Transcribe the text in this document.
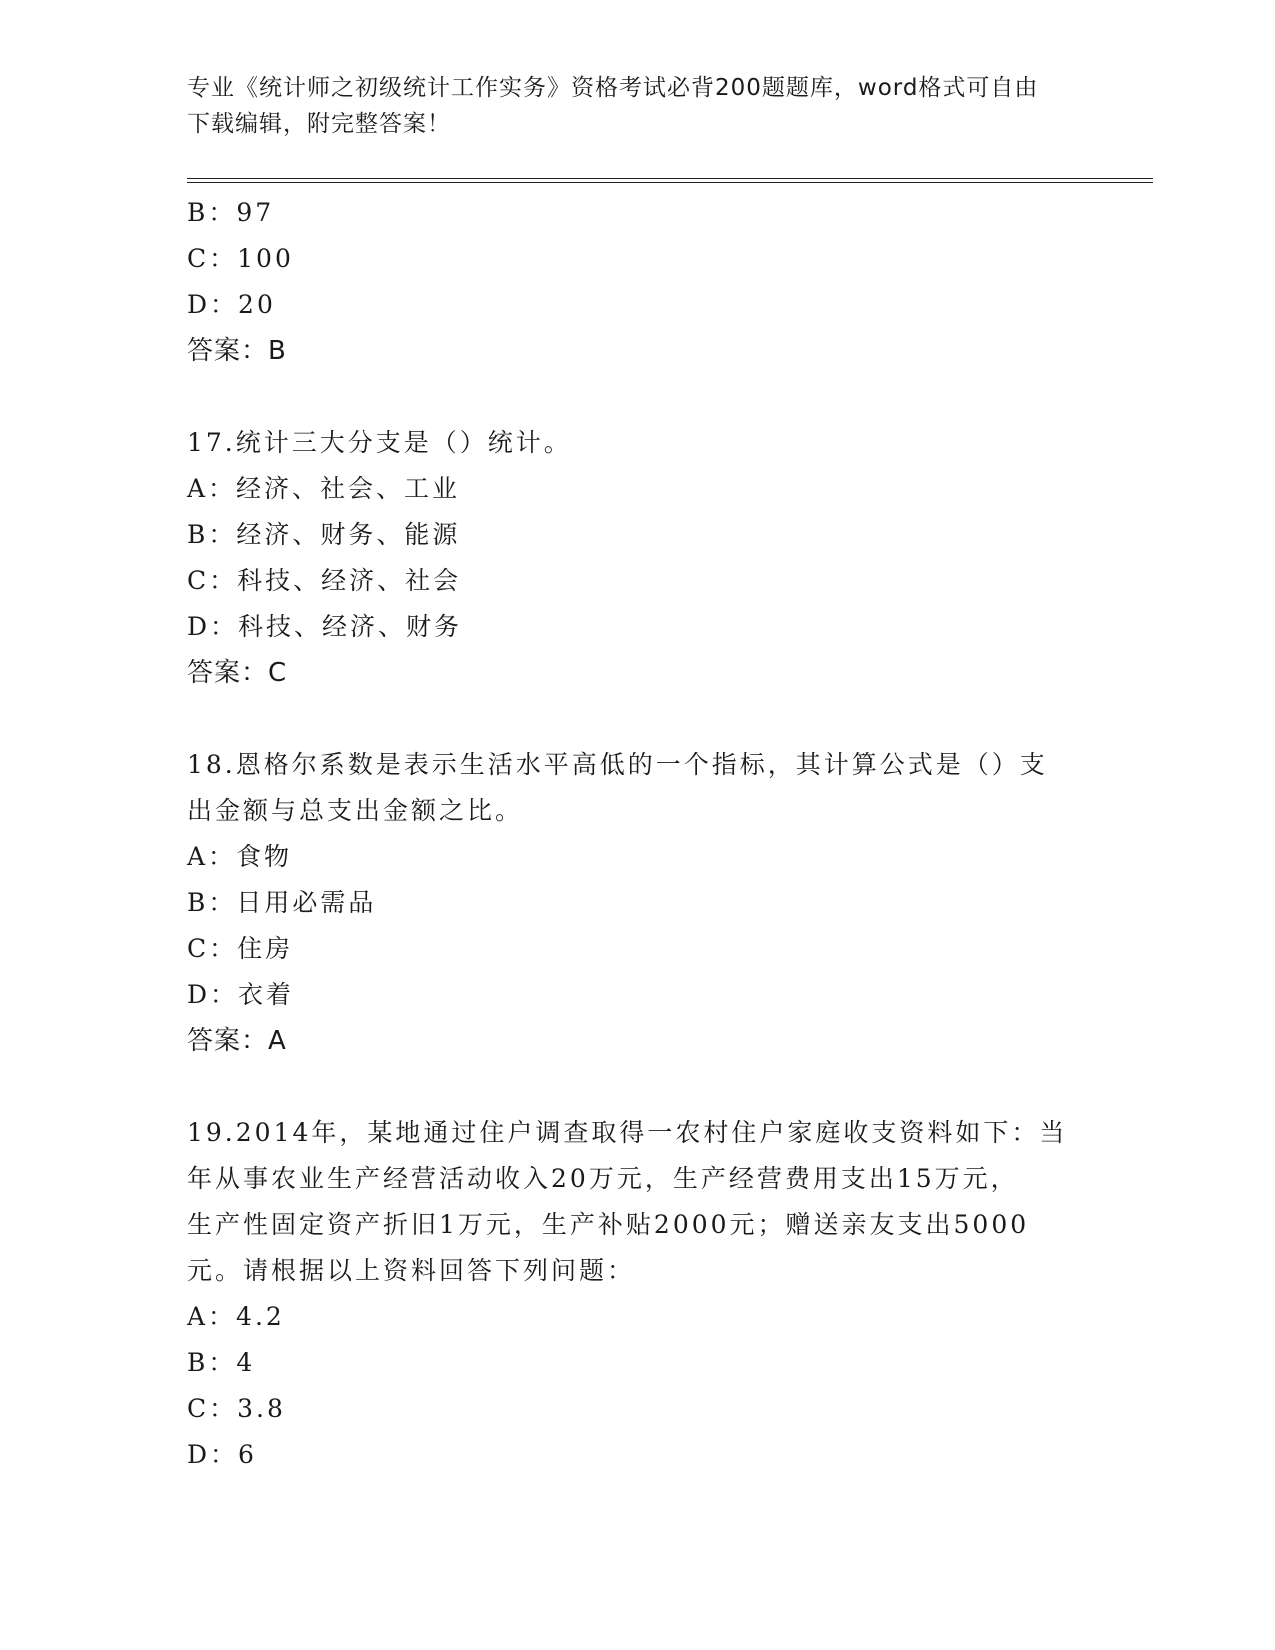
专业《统计师之初级统计工作实务》资格考试必背200题题库，word格式可自由
下载编辑，附完整答案！
B：97
C：100
D：20
答案：B
17.统计三大分支是（）统计。
A：经济、社会、工业
B：经济、财务、能源
C：科技、经济、社会
D：科技、经济、财务
答案：C
18.恩格尔系数是表示生活水平高低的一个指标，其计算公式是（）支
出金额与总支出金额之比。
A：食物
B：日用必需品
C：住房
D：衣着
答案：A
19.2014年，某地通过住户调查取得一农村住户家庭收支资料如下：当
年从事农业生产经营活动收入20万元，生产经营费用支出15万元，
生产性固定资产折旧1万元，生产补贴2000元；赠送亲友支出5000
元。请根据以上资料回答下列问题：
A：4.2
B：4
C：3.8
D：6
